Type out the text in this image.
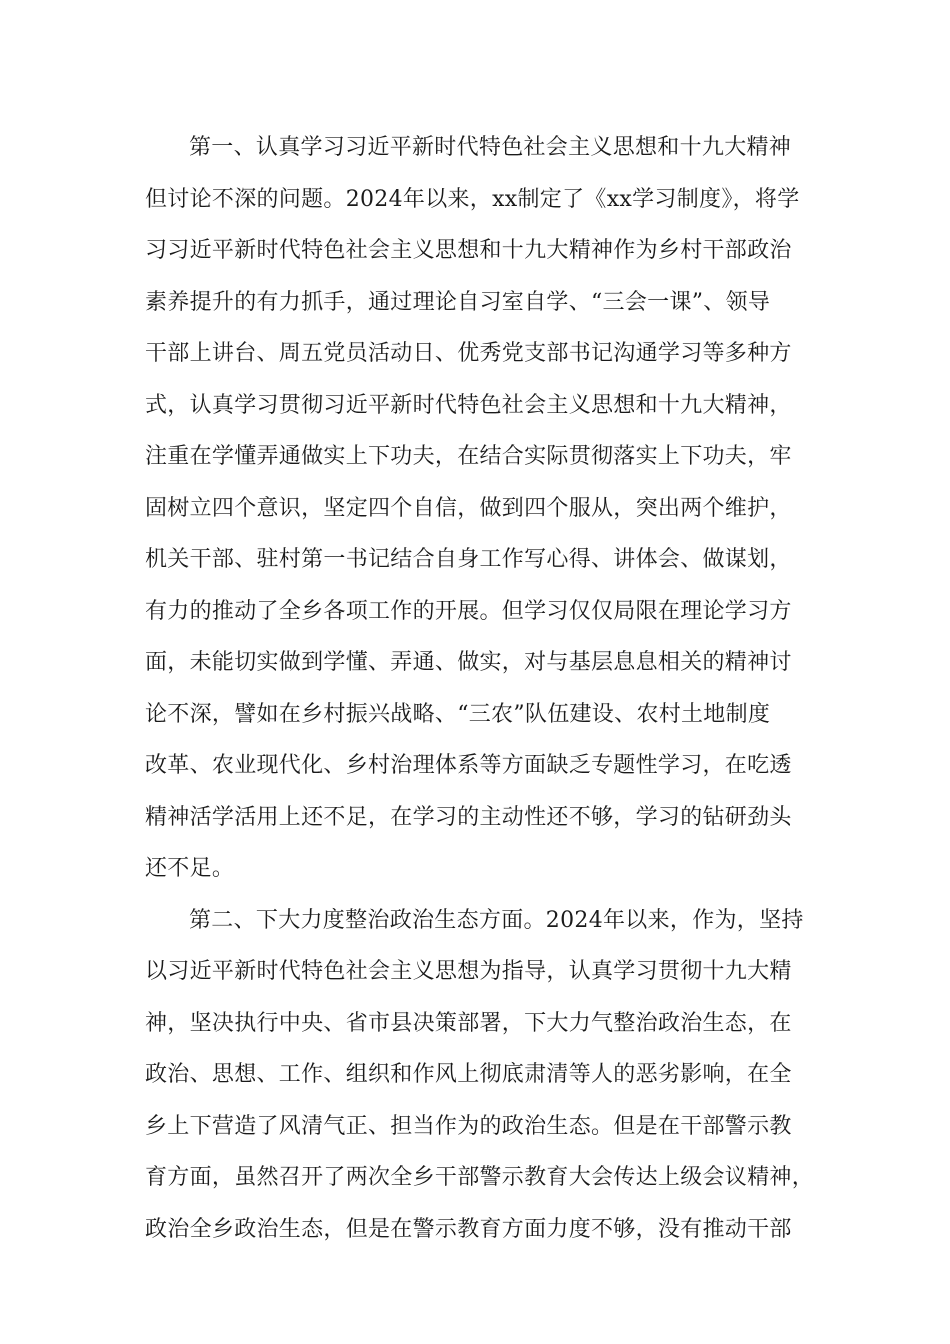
第一、认真学习习近平新时代特色社会主义思想和十九大精神
但讨论不深的问题。2024年以来，xx制定了《xx学习制度》，将学
习习近平新时代特色社会主义思想和十九大精神作为乡村干部政治
素养提升的有力抓手，通过理论自习室自学、“三会一课”、领导
干部上讲台、周五党员活动日、优秀党支部书记沟通学习等多种方
式，认真学习贯彻习近平新时代特色社会主义思想和十九大精神，
注重在学懂弄通做实上下功夫，在结合实际贯彻落实上下功夫，牢
固树立四个意识，坚定四个自信，做到四个服从，突出两个维护，
机关干部、驻村第一书记结合自身工作写心得、讲体会、做谋划，
有力的推动了全乡各项工作的开展。但学习仅仅局限在理论学习方
面，未能切实做到学懂、弄通、做实，对与基层息息相关的精神讨
论不深，譬如在乡村振兴战略、“三农”队伍建设、农村土地制度
改革、农业现代化、乡村治理体系等方面缺乏专题性学习，在吃透
精神活学活用上还不足，在学习的主动性还不够，学习的钻研劲头
还不足。
第二、下大力度整治政治生态方面。2024年以来，作为，坚持
以习近平新时代特色社会主义思想为指导，认真学习贯彻十九大精
神，坚决执行中央、省市县决策部署，下大力气整治政治生态，在
政治、思想、工作、组织和作风上彻底肃清等人的恶劣影响，在全
乡上下营造了风清气正、担当作为的政治生态。但是在干部警示教
育方面，虽然召开了两次全乡干部警示教育大会传达上级会议精神，
政治全乡政治生态，但是在警示教育方面力度不够，没有推动干部
